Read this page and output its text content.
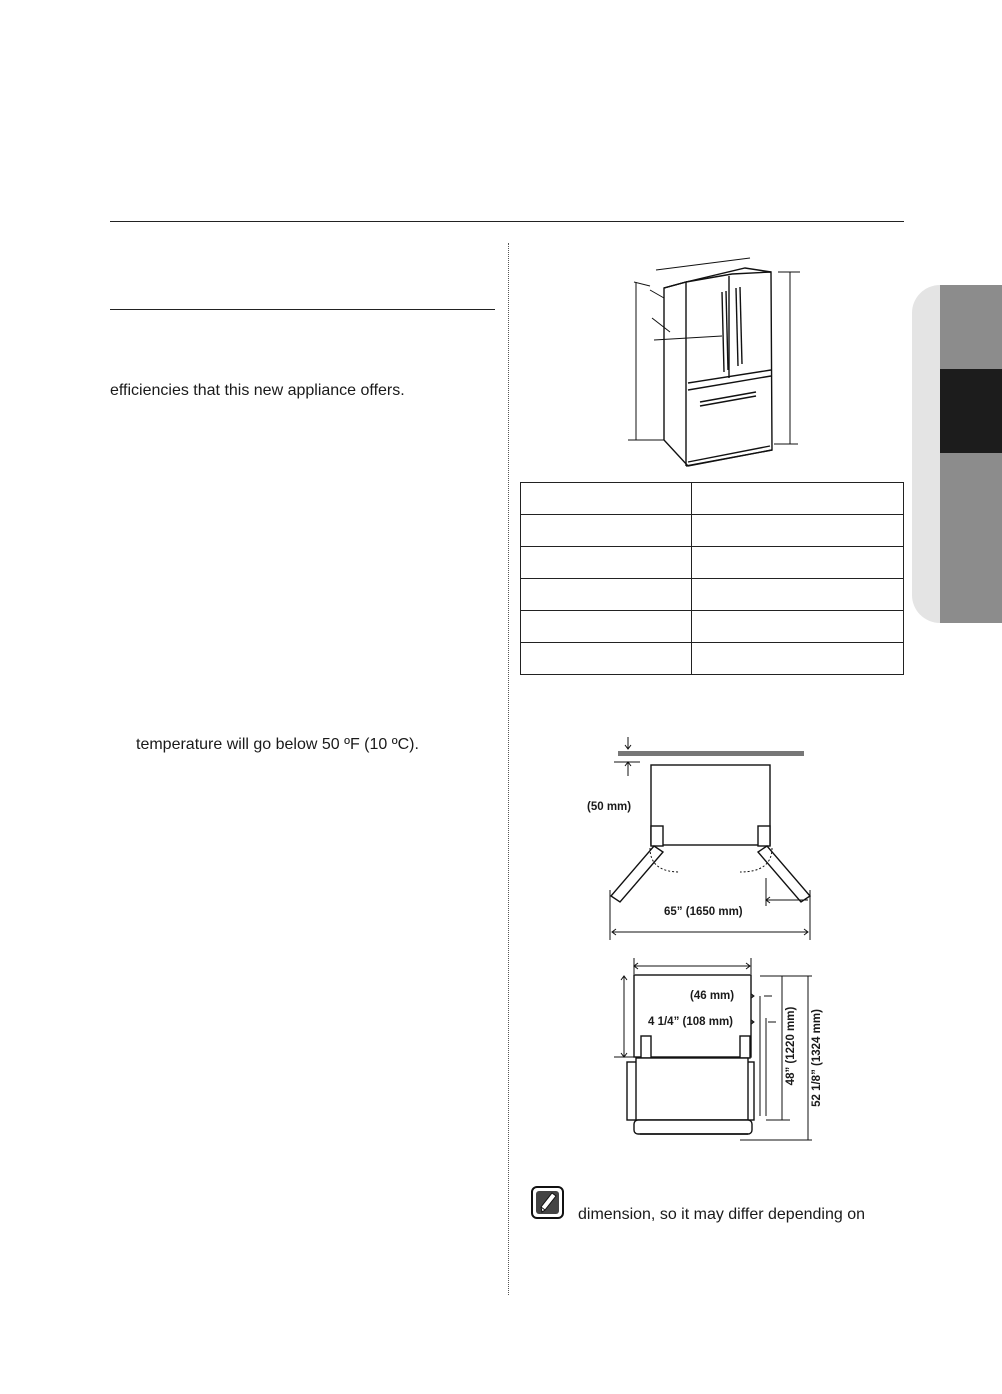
efficiencies that this new appliance offers.
temperature will go below 50 ºF (10 ºC).

(50 mm)
65” (1650 mm)
(46 mm)
4 1/4” (108 mm)	48” (1220 mm) 52 1/8” (1324 mm)
dimension, so it may differ depending on
